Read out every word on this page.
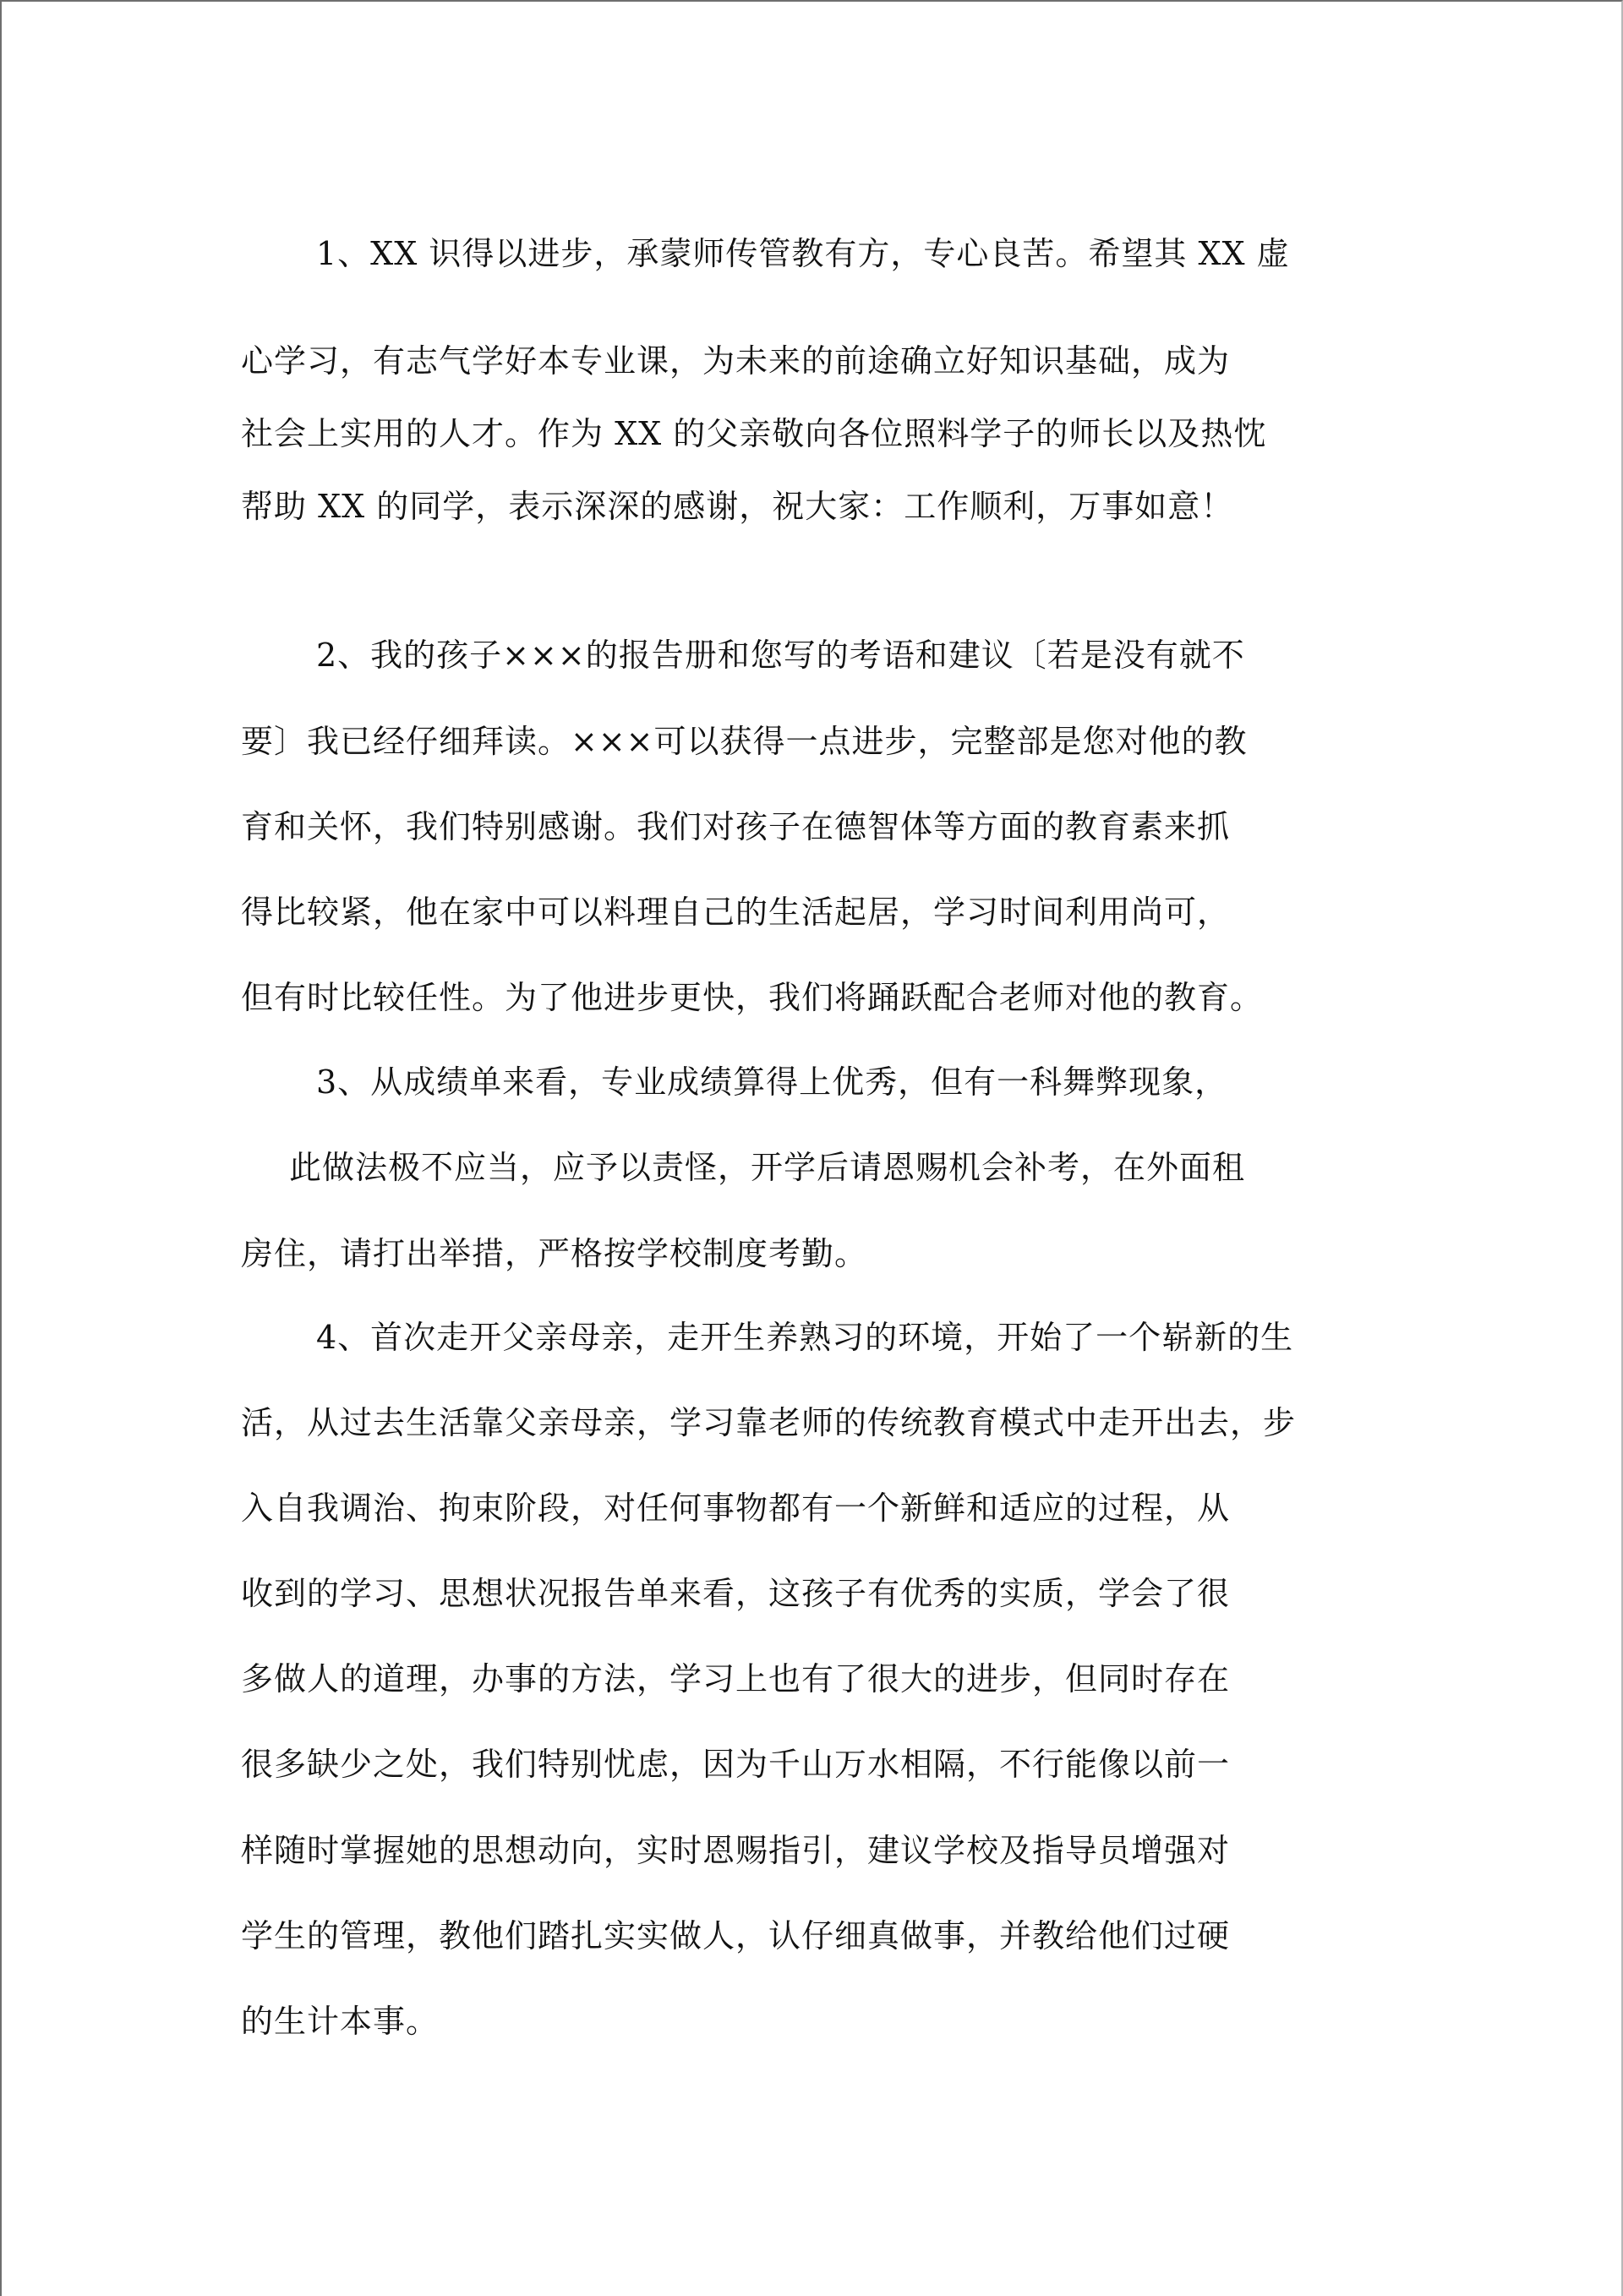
1、XX 识得以进步，承蒙师传管教有方，专心良苦。希望其 XX 虚
心学习，有志气学好本专业课，为未来的前途确立好知识基础，成为
社会上实用的人才。作为 XX 的父亲敬向各位照料学子的师长以及热忱
帮助 XX 的同学，表示深深的感谢，祝大家：工作顺利，万事如意！
2、我的孩子×××的报告册和您写的考语和建议〔若是没有就不
要〕我已经仔细拜读。×××可以获得一点进步，完整部是您对他的教
育和关怀，我们特别感谢。我们对孩子在德智体等方面的教育素来抓
得比较紧，他在家中可以料理自己的生活起居，学习时间利用尚可，
但有时比较任性。为了他进步更快，我们将踊跃配合老师对他的教育。
3、从成绩单来看，专业成绩算得上优秀，但有一科舞弊现象，
此做法极不应当，应予以责怪，开学后请恩赐机会补考，在外面租
房住，请打出举措，严格按学校制度考勤。
4、首次走开父亲母亲，走开生养熟习的环境，开始了一个崭新的生
活，从过去生活靠父亲母亲，学习靠老师的传统教育模式中走开出去，步
入自我调治、拘束阶段，对任何事物都有一个新鲜和适应的过程，从
收到的学习、思想状况报告单来看，这孩子有优秀的实质，学会了很
多做人的道理，办事的方法，学习上也有了很大的进步，但同时存在
很多缺少之处，我们特别忧虑，因为千山万水相隔，不行能像以前一
样随时掌握她的思想动向，实时恩赐指引，建议学校及指导员增强对
学生的管理，教他们踏扎实实做人，认仔细真做事，并教给他们过硬
的生计本事。
